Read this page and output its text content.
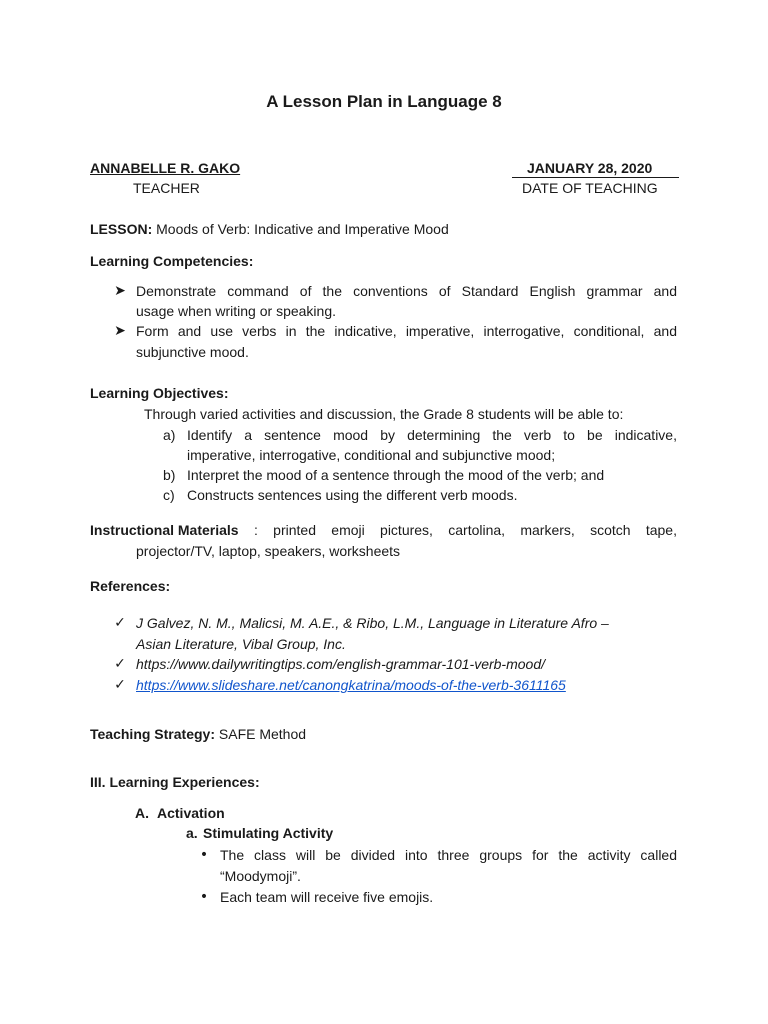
A Lesson Plan in Language 8
ANNABELLE R. GAKO
TEACHER
JANUARY 28, 2020
DATE OF TEACHING
LESSON: Moods of Verb: Indicative and Imperative Mood
Learning Competencies:
➤ Demonstrate command of the conventions of Standard English grammar and
usage when writing or speaking.
➤ Form and use verbs in the indicative, imperative, interrogative, conditional, and
subjunctive mood.
Learning Objectives:
Through varied activities and discussion, the Grade 8 students will be able to:
a) Identify a sentence mood by determining the verb to be indicative,
imperative, interrogative, conditional and subjunctive mood;
b) Interpret the mood of a sentence through the mood of the verb; and
c) Constructs sentences using the different verb moods.
Instructional Materials : printed emoji pictures, cartolina, markers, scotch tape,
projector/TV, laptop, speakers, worksheets
References:
✓ J Galvez, N. M., Malicsi, M. A.E., & Ribo, L.M., Language in Literature Afro –
Asian Literature, Vibal Group, Inc.
✓ https://www.dailywritingtips.com/english-grammar-101-verb-mood/
✓ https://www.slideshare.net/canongkatrina/moods-of-the-verb-3611165
Teaching Strategy: SAFE Method
III. Learning Experiences:
A. Activation
a. Stimulating Activity
• The class will be divided into three groups for the activity called
“Moodymoji”.
• Each team will receive five emojis.
